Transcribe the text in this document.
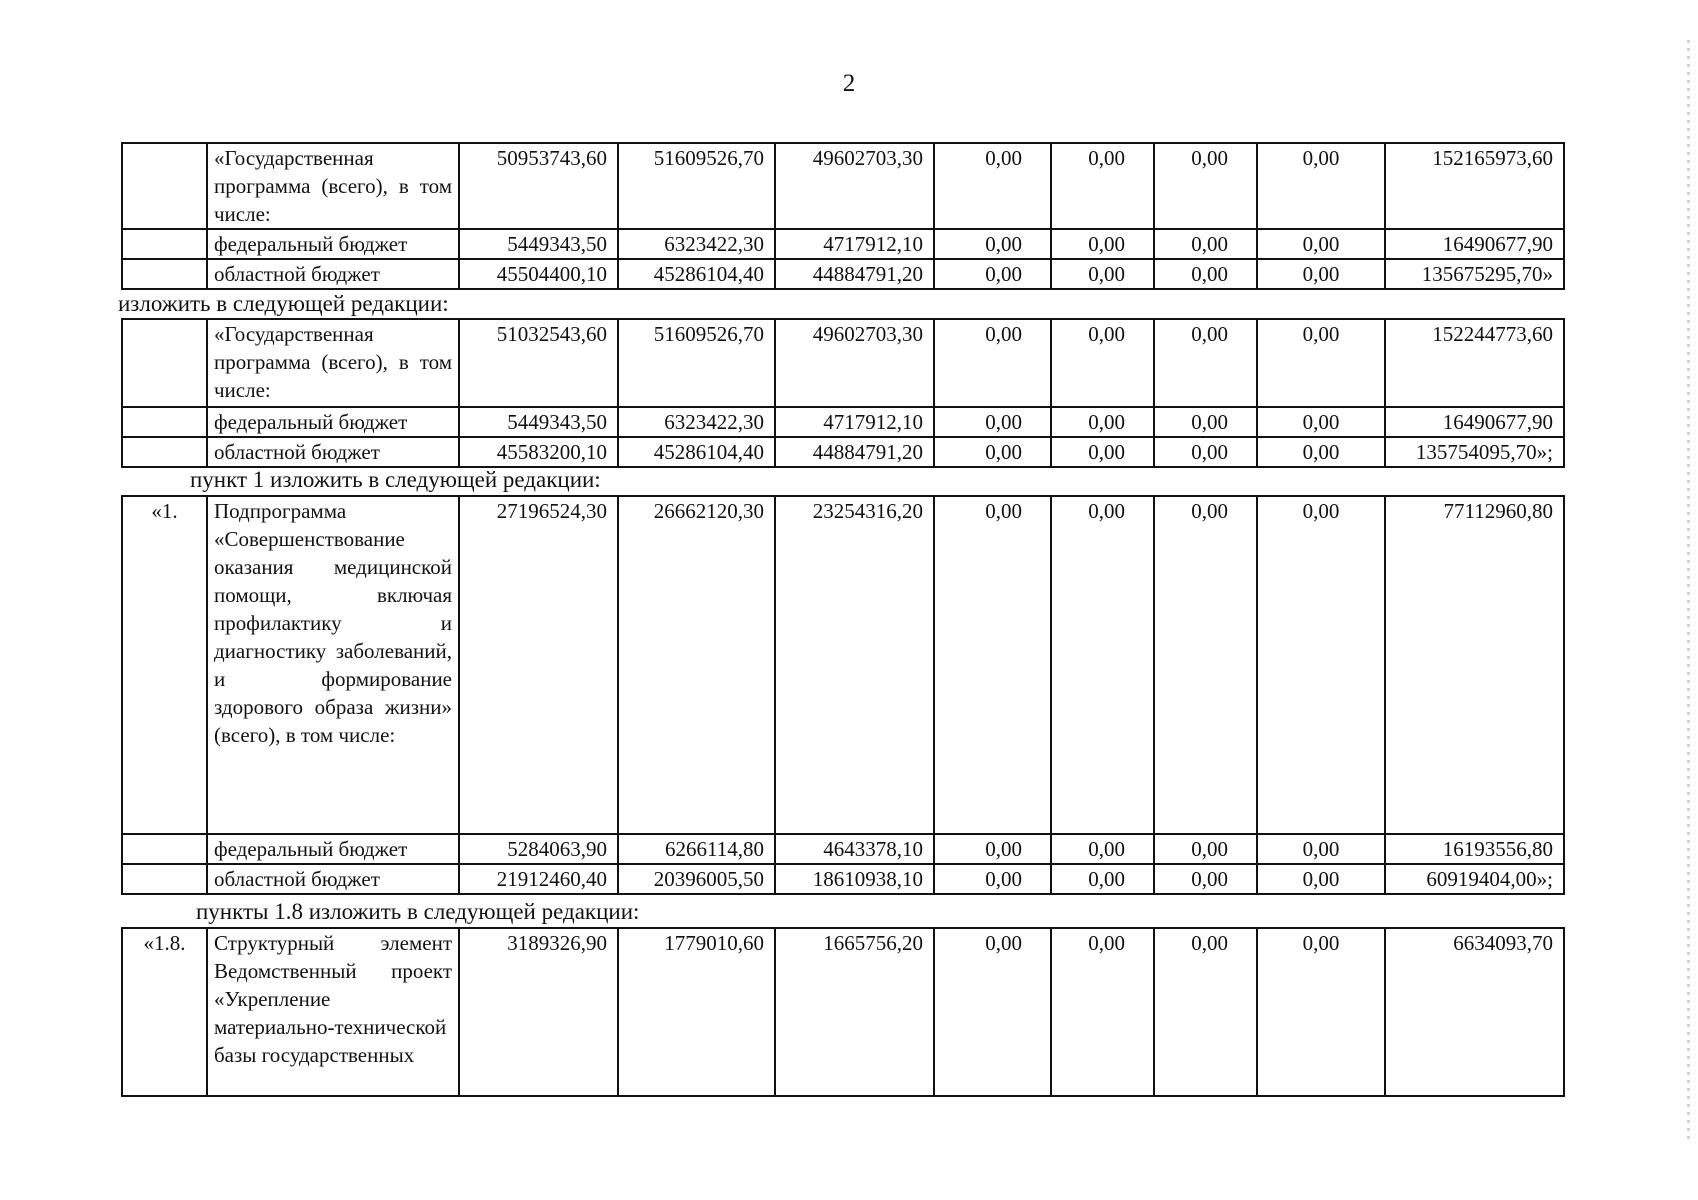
2
	«Государственная программа (всего), в том числе:	50953743,60	51609526,70	49602703,30	0,00	0,00	0,00	0,00	152165973,60
	федеральный бюджет	5449343,50	6323422,30	4717912,10	0,00	0,00	0,00	0,00	16490677,90
	областной бюджет	45504400,10	45286104,40	44884791,20	0,00	0,00	0,00	0,00	135675295,70»
изложить в следующей редакции:
	«Государственная программа (всего), в том числе:	51032543,60	51609526,70	49602703,30	0,00	0,00	0,00	0,00	152244773,60
	федеральный бюджет	5449343,50	6323422,30	4717912,10	0,00	0,00	0,00	0,00	16490677,90
	областной бюджет	45583200,10	45286104,40	44884791,20	0,00	0,00	0,00	0,00	135754095,70»;
пункт 1 изложить в следующей редакции:
«1.	Подпрограмма «Совершенствование оказания медицинской помощи, включая профилактику и диагностику заболеваний, и формирование здорового образа жизни» (всего), в том числе:	27196524,30	26662120,30	23254316,20	0,00	0,00	0,00	0,00	77112960,80
	федеральный бюджет	5284063,90	6266114,80	4643378,10	0,00	0,00	0,00	0,00	16193556,80
	областной бюджет	21912460,40	20396005,50	18610938,10	0,00	0,00	0,00	0,00	60919404,00»;
пункты 1.8 изложить в следующей редакции:
«1.8.	Структурный элемент Ведомственный проект «Укрепление материально-технической базы государственных	3189326,90	1779010,60	1665756,20	0,00	0,00	0,00	0,00	6634093,70
